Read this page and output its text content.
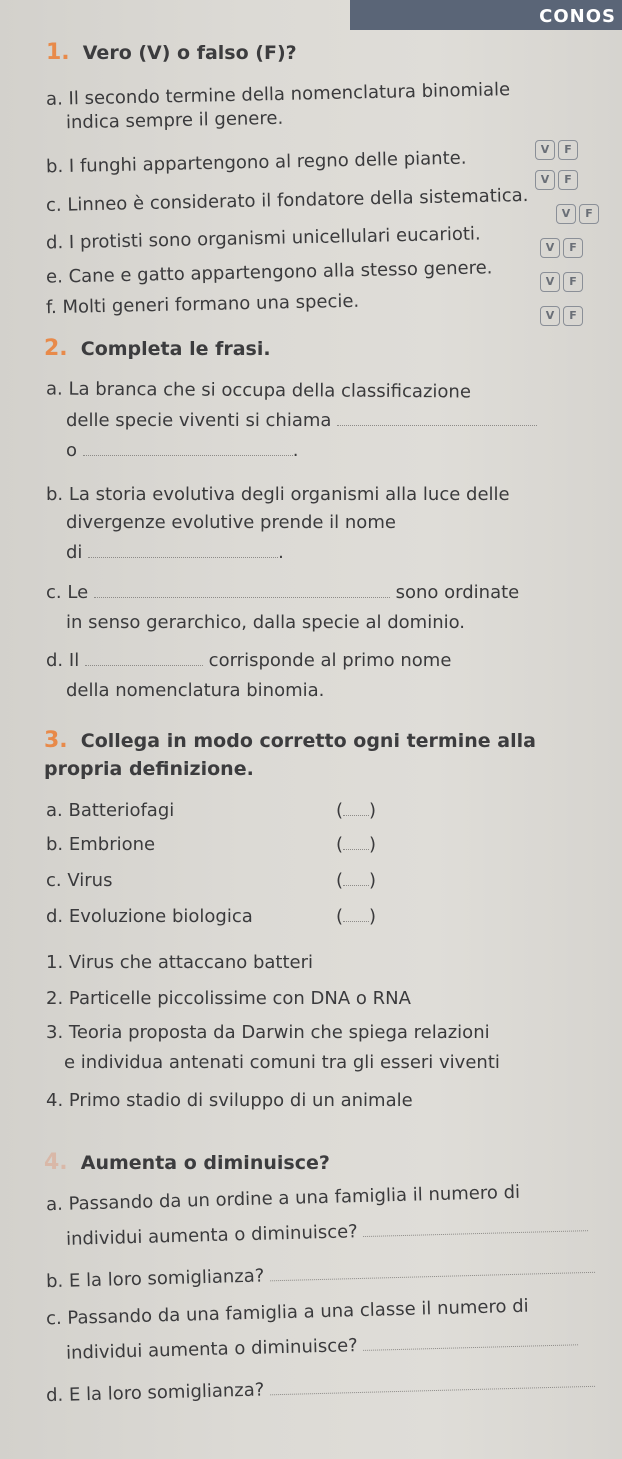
CONOS
1. Vero (V) o falso (F)?
a. Il secondo termine della nomenclatura binomiale
indica sempre il genere.
V	F
b. I funghi appartengono al regno delle piante.
V	F
c. Linneo è considerato il fondatore della sistematica.	V	F
d. I protisti sono organismi unicellulari eucarioti.	V	F
e. Cane e gatto appartengono alla stesso genere.	V	F
f. Molti generi formano una specie.	V	F
2. Completa le frasi.
a. La branca che si occupa della classificazione
delle specie viventi si chiama
o	.
b. La storia evolutiva degli organismi alla luce delle
divergenze evolutive prende il nome
di	.
c. Le	sono ordinate
in senso gerarchico, dalla specie al dominio.
d. Il	corrisponde al primo nome
della nomenclatura binomia.
3. Collega in modo corretto ogni termine alla
propria definizione.
a. Batteriofagi	( )
b. Embrione	( )
c. Virus	( )
d. Evoluzione biologica	( )
1. Virus che attaccano batteri
2. Particelle piccolissime con DNA o RNA
3. Teoria proposta da Darwin che spiega relazioni
e individua antenati comuni tra gli esseri viventi
4. Primo stadio di sviluppo di un animale
4. Aumenta o diminuisce?
a. Passando da un ordine a una famiglia il numero di
individui aumenta o diminuisce?
b. E la loro somiglianza?
c. Passando da una famiglia a una classe il numero di
individui aumenta o diminuisce?
d. E la loro somiglianza?
